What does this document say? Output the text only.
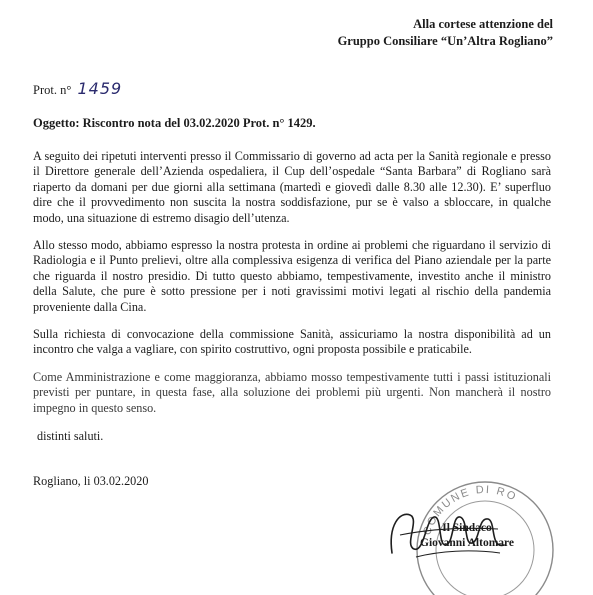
Alla cortese attenzione del
Gruppo Consiliare “Un’Altra Rogliano”
Prot. n° 1459
Oggetto: Riscontro nota del 03.02.2020 Prot. n° 1429.

A seguito dei ripetuti interventi presso il Commissario di governo ad acta per la Sanità regionale e presso il Direttore generale dell’Azienda ospedaliera, il Cup dell’ospedale “Santa Barbara” di Rogliano sarà riaperto da domani per due giorni alla settimana (martedì e giovedì dalle 8.30 alle 12.30). E’ superfluo dire che il provvedimento non suscita la nostra soddisfazione, pur se è valso a sbloccare, in qualche modo, una situazione di estremo disagio dell’utenza.

Allo stesso modo, abbiamo espresso la nostra protesta in ordine ai problemi che riguardano il servizio di Radiologia e il Punto prelievi, oltre alla complessiva esigenza di verifica del Piano aziendale per la parte che riguarda il nostro presidio. Di tutto questo abbiamo, tempestivamente, investito anche il ministro della Salute, che pure è sotto pressione per i noti gravissimi motivi legati al rischio della pandemia proveniente dalla Cina.

Sulla richiesta di convocazione della commissione Sanità, assicuriamo la nostra disponibilità ad un incontro che valga a vagliare, con spirito costruttivo, ogni proposta possibile e praticabile.

Come Amministrazione e come maggioranza, abbiamo mosso tempestivamente tutti i passi istituzionali previsti per puntare, in questa fase, alla soluzione dei problemi più urgenti. Non mancherà il nostro impegno in questo senso.

distinti saluti.
Rogliano, li 03.02.2020
COMUNE DI RO
Il Sindaco
Giovanni Altomare
